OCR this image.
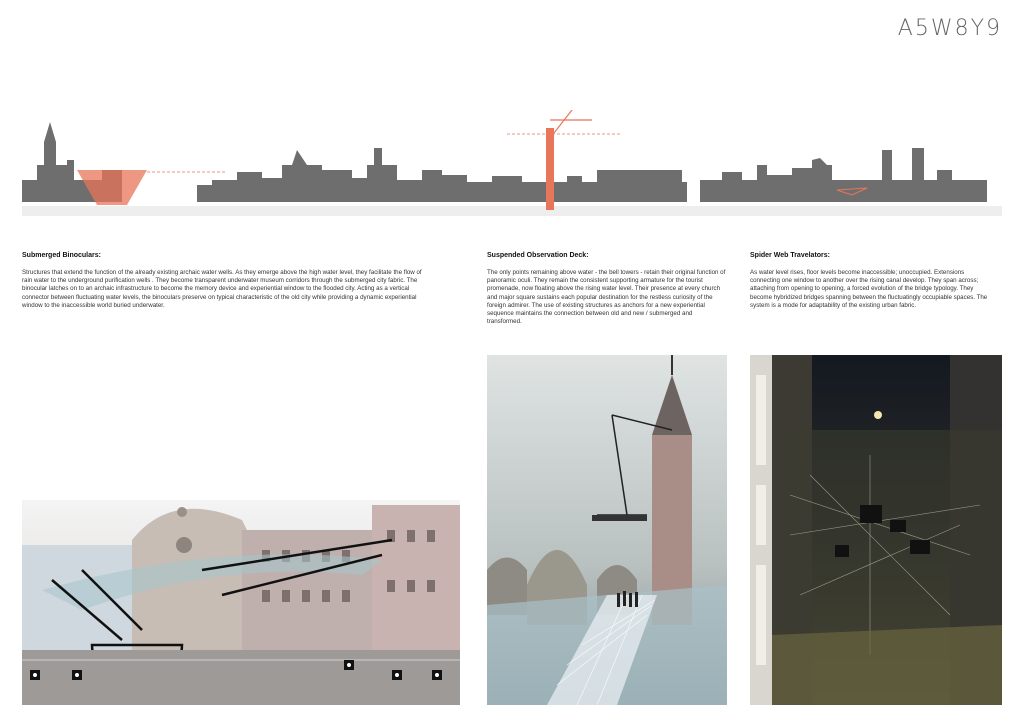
A5W8Y9
Submerged Binoculars:

Structures that extend the function of the already existing archaic water wells. As they emerge above the high water level, they facilitate the flow of rain water to the underground purification wells . They become transparent underwater museum corridors through the submerged city fabric. The binocular latches on to an archaic infrastructure to become the memory device and experiential window to the flooded city. Acting as a vertical connector between fluctuating water levels, the binoculars preserve on typical characteristic of the old city while providing a dynamic experiential window to the inaccessible world buried underwater.

Suspended Observation Deck:

The only points remaining above water - the bell towers - retain their original function of panoramic oculi. They remain the consistent supporting armature for the tourist promenade, now floating above the rising water level. Their presence at every church and major square sustains each popular destination for the restless curiosity of the foreign admirer. The use of existing structures as anchors for a new experiential sequence maintains the connection between old and new / submerged and transformed.

Spider Web Travelators:

As water level rises, floor levels become inaccessible; unoccupied. Extensions connecting one window to another over the rising canal develop. They span across; attaching from opening to opening, a forced evolution of the bridge typology. They become hybridized bridges spanning between the fluctuatingly occupiable spaces. The system is a mode for adaptability of the existing urban fabric.
